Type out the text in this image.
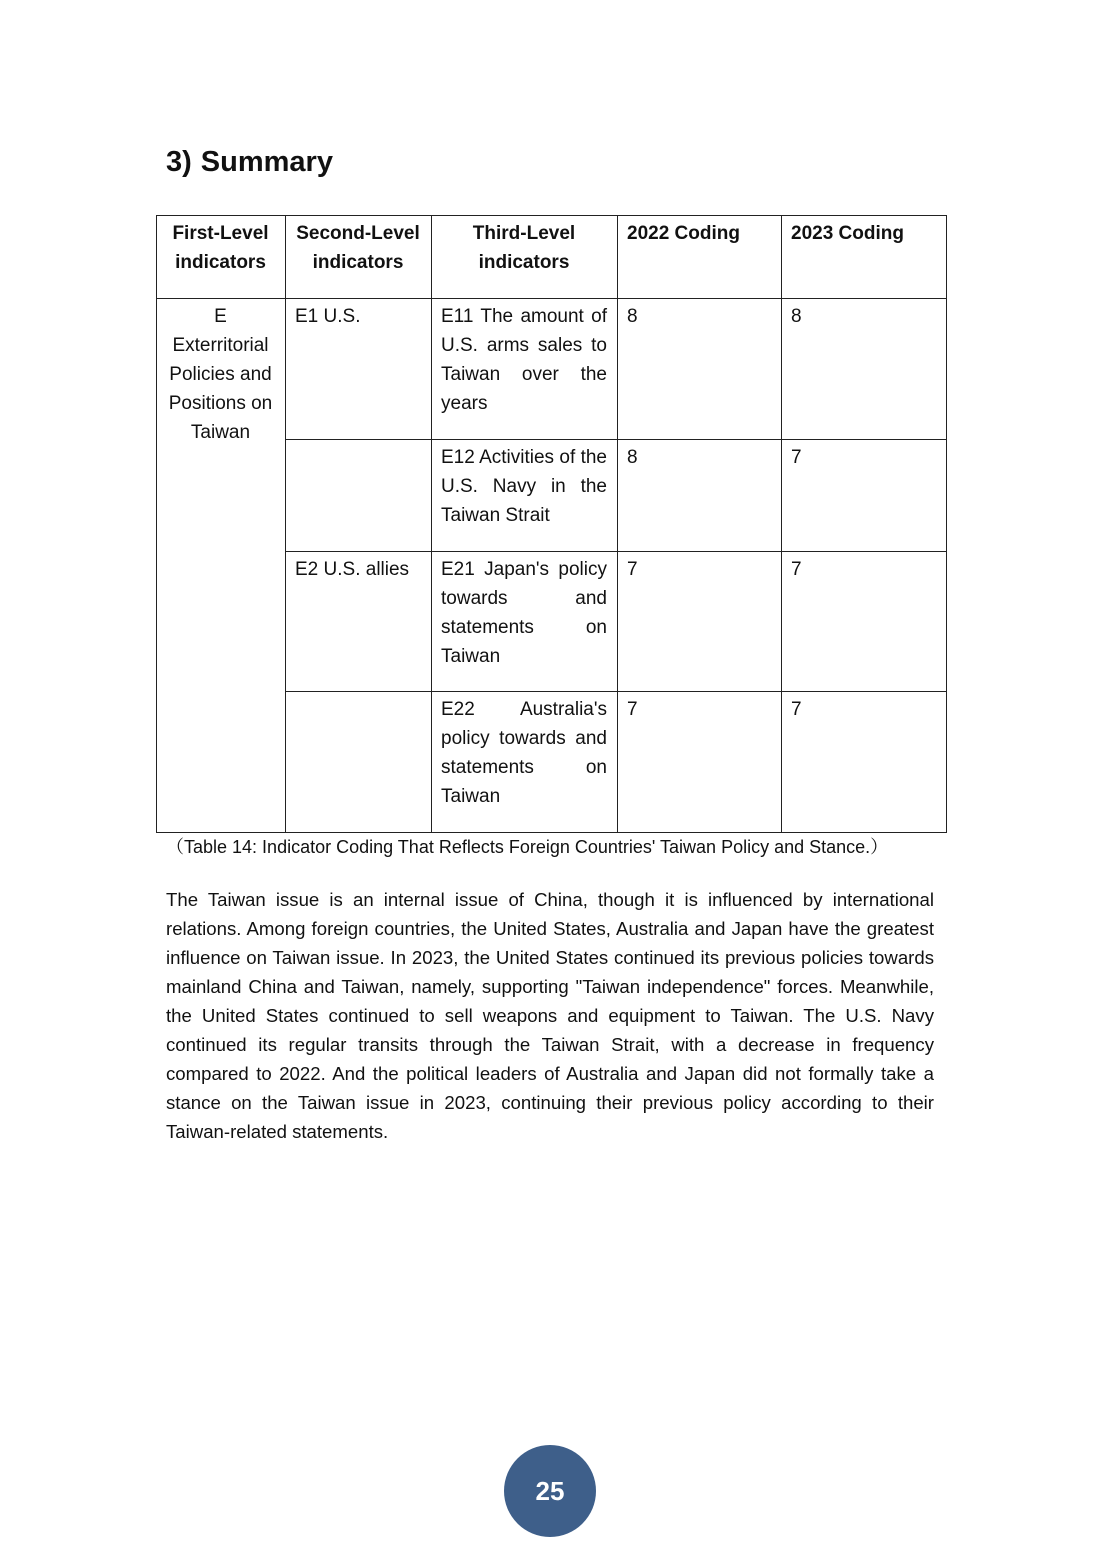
3) Summary
First-Level
indicators	Second-Level
indicators	Third-Level
indicators	2022 Coding	2023 Coding
E
Exterritorial
Policies and
Positions on
Taiwan	E1 U.S.	E11 The amount of U.S. arms sales to Taiwan over the years	8	8
		E12 Activities of the U.S. Navy in the Taiwan Strait	8	7
	E2 U.S. allies	E21 Japan's policy towards and statements on Taiwan	7	7
		E22 Australia's policy towards and statements on Taiwan	7	7

（Table 14: Indicator Coding That Reflects Foreign Countries' Taiwan Policy and Stance.）

The Taiwan issue is an internal issue of China, though it is influenced by international relations. Among foreign countries, the United States, Australia and Japan have the greatest influence on Taiwan issue. In 2023, the United States continued its previous policies towards mainland China and Taiwan, namely, supporting "Taiwan independence" forces. Meanwhile, the United States continued to sell weapons and equipment to Taiwan. The U.S. Navy continued its regular transits through the Taiwan Strait, with a decrease in frequency compared to 2022. And the political leaders of Australia and Japan did not formally take a stance on the Taiwan issue in 2023, continuing their previous policy according to their Taiwan-related statements.

25
